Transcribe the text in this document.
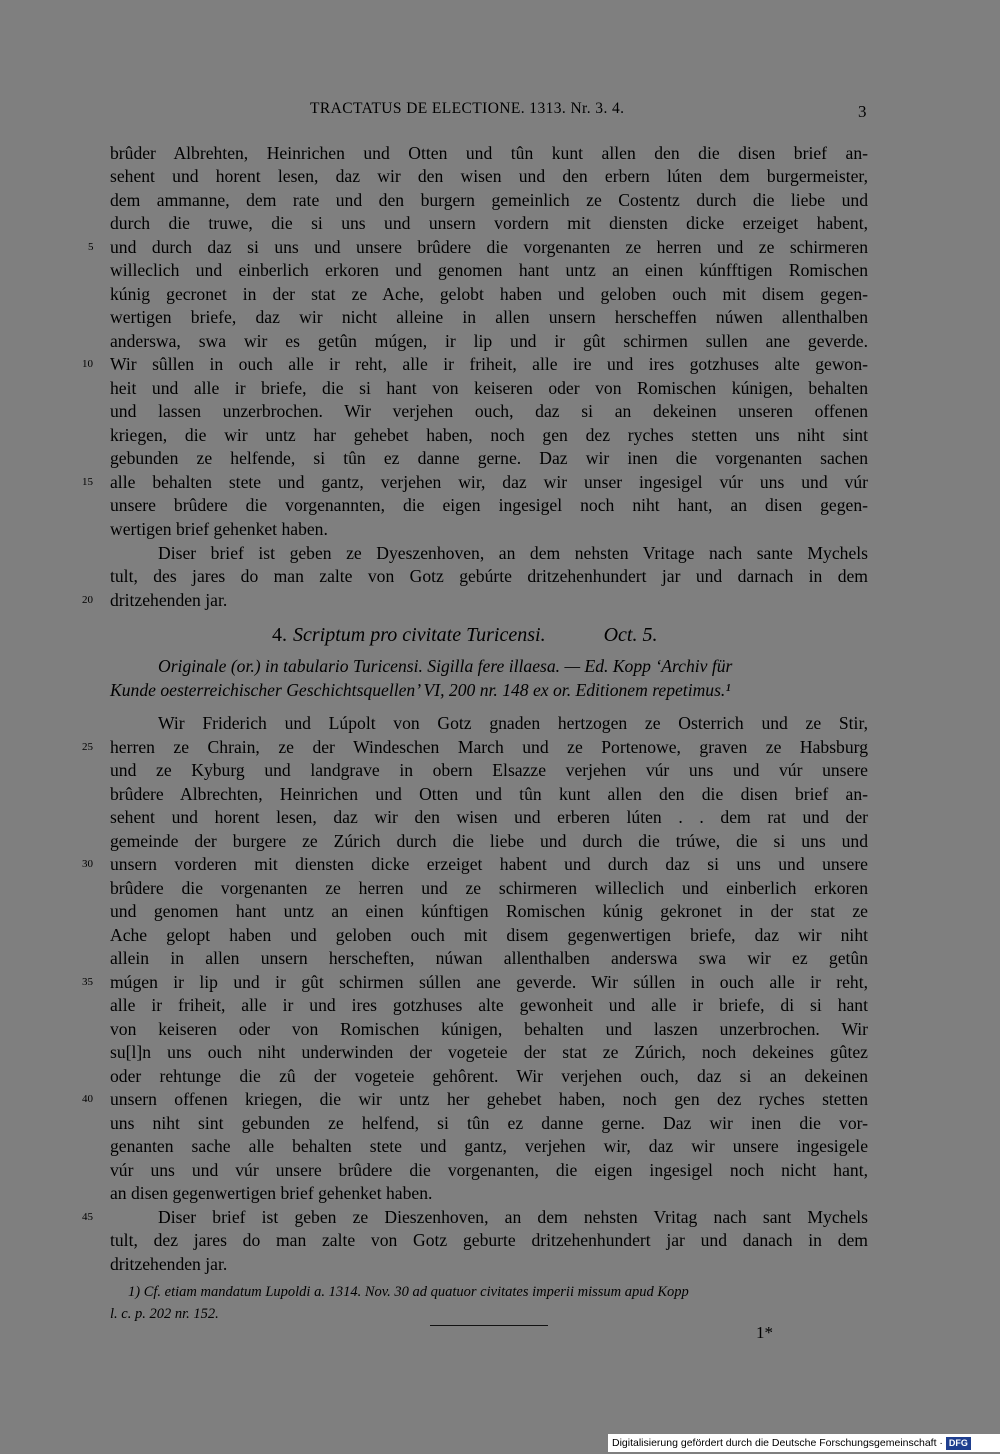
TRACTATUS DE ELECTIONE. 1313. Nr. 3. 4.	3
brûder Albrehten, Heinrichen und Otten und tûn kunt allen den die disen brief an-
sehent und horent lesen, daz wir den wisen und den erbern lúten dem burgermeister,
dem ammanne, dem rate und den burgern gemeinlich ze Costentz durch die liebe und
durch die truwe, die si uns und unsern vordern mit diensten dicke erzeiget habent,
5 und durch daz si uns und unsere brûdere die vorgenanten ze herren und ze schirmeren
willeclich und einberlich erkoren und genomen hant untz an einen kúnfftigen Romischen
kúnig gecronet in der stat ze Ache, gelobt haben und geloben ouch mit disem gegen-
wertigen briefe, daz wir nicht alleine in allen unsern herscheffen núwen allenthalben
anderswa, swa wir es getûn múgen, ir lip und ir gût schirmen sullen ane geverde.
10 Wir sûllen in ouch alle ir reht, alle ir friheit, alle ire und ires gotzhuses alte gewon-
heit und alle ir briefe, die si hant von keiseren oder von Romischen kúnigen, behalten
und lassen unzerbrochen. Wir verjehen ouch, daz si an dekeinen unseren offenen
kriegen, die wir untz har gehebet haben, noch gen dez ryches stetten uns niht sint
gebunden ze helfende, si tûn ez danne gerne. Daz wir inen die vorgenanten sachen
15 alle behalten stete und gantz, verjehen wir, daz wir unser ingesigel vúr uns und vúr
unsere brûdere die vorgenannten, die eigen ingesigel noch niht hant, an disen gegen-
wertigen brief gehenket haben.
Diser brief ist geben ze Dyeszenhoven, an dem nehsten Vritage nach sante Mychels
tult, des jares do man zalte von Gotz gebúrte dritzehenhundert jar und darnach in dem
20 dritzehenden jar.
4. Scriptum pro civitate Turicensi.	Oct. 5.
Originale (or.) in tabulario Turicensi. Sigilla fere illaesa. — Ed. Kopp ‘Archiv für
Kunde oesterreichischer Geschichtsquellen’ VI, 200 nr. 148 ex or. Editionem repetimus.¹
Wir Friderich und Lúpolt von Gotz gnaden hertzogen ze Osterrich und ze Stir,
25 herren ze Chrain, ze der Windeschen March und ze Portenowe, graven ze Habsburg
und ze Kyburg und landgrave in obern Elsazze verjehen vúr uns und vúr unsere
brûdere Albrechten, Heinrichen und Otten und tûn kunt allen den die disen brief an-
sehent und horent lesen, daz wir den wisen und erberen lúten . . dem rat und der
gemeinde der burgere ze Zúrich durch die liebe und durch die trúwe, die si uns und
30 unsern vorderen mit diensten dicke erzeiget habent und durch daz si uns und unsere
brûdere die vorgenanten ze herren und ze schirmeren willeclich und einberlich erkoren
und genomen hant untz an einen kúnftigen Romischen kúnig gekronet in der stat ze
Ache gelopt haben und geloben ouch mit disem gegenwertigen briefe, daz wir niht
allein in allen unsern herscheften, núwan allenthalben anderswa swa wir ez getûn
35 múgen ir lip und ir gût schirmen súllen ane geverde. Wir súllen in ouch alle ir reht,
alle ir friheit, alle ir und ires gotzhuses alte gewonheit und alle ir briefe, di si hant
von keiseren oder von Romischen kúnigen, behalten und laszen unzerbrochen. Wir
su[l]n uns ouch niht underwinden der vogeteie der stat ze Zúrich, noch dekeines gûtez
oder rehtunge die zû der vogeteie gehôrent. Wir verjehen ouch, daz si an dekeinen
40 unsern offenen kriegen, die wir untz her gehebet haben, noch gen dez ryches stetten
uns niht sint gebunden ze helfend, si tûn ez danne gerne. Daz wir inen die vor-
genanten sache alle behalten stete und gantz, verjehen wir, daz wir unsere ingesigele
vúr uns und vúr unsere brûdere die vorgenanten, die eigen ingesigel noch nicht hant,
an disen gegenwertigen brief gehenket haben.
45	Diser brief ist geben ze Dieszenhoven, an dem nehsten Vritag nach sant Mychels
tult, dez jares do man zalte von Gotz geburte dritzehenhundert jar und danach in dem
dritzehenden jar.
1) Cf. etiam mandatum Lupoldi a. 1314. Nov. 30 ad quatuor civitates imperii missum apud Kopp
l. c. p. 202 nr. 152.
1*
Digitalisierung gefördert durch die Deutsche Forschungsgemeinschaft · DFG
